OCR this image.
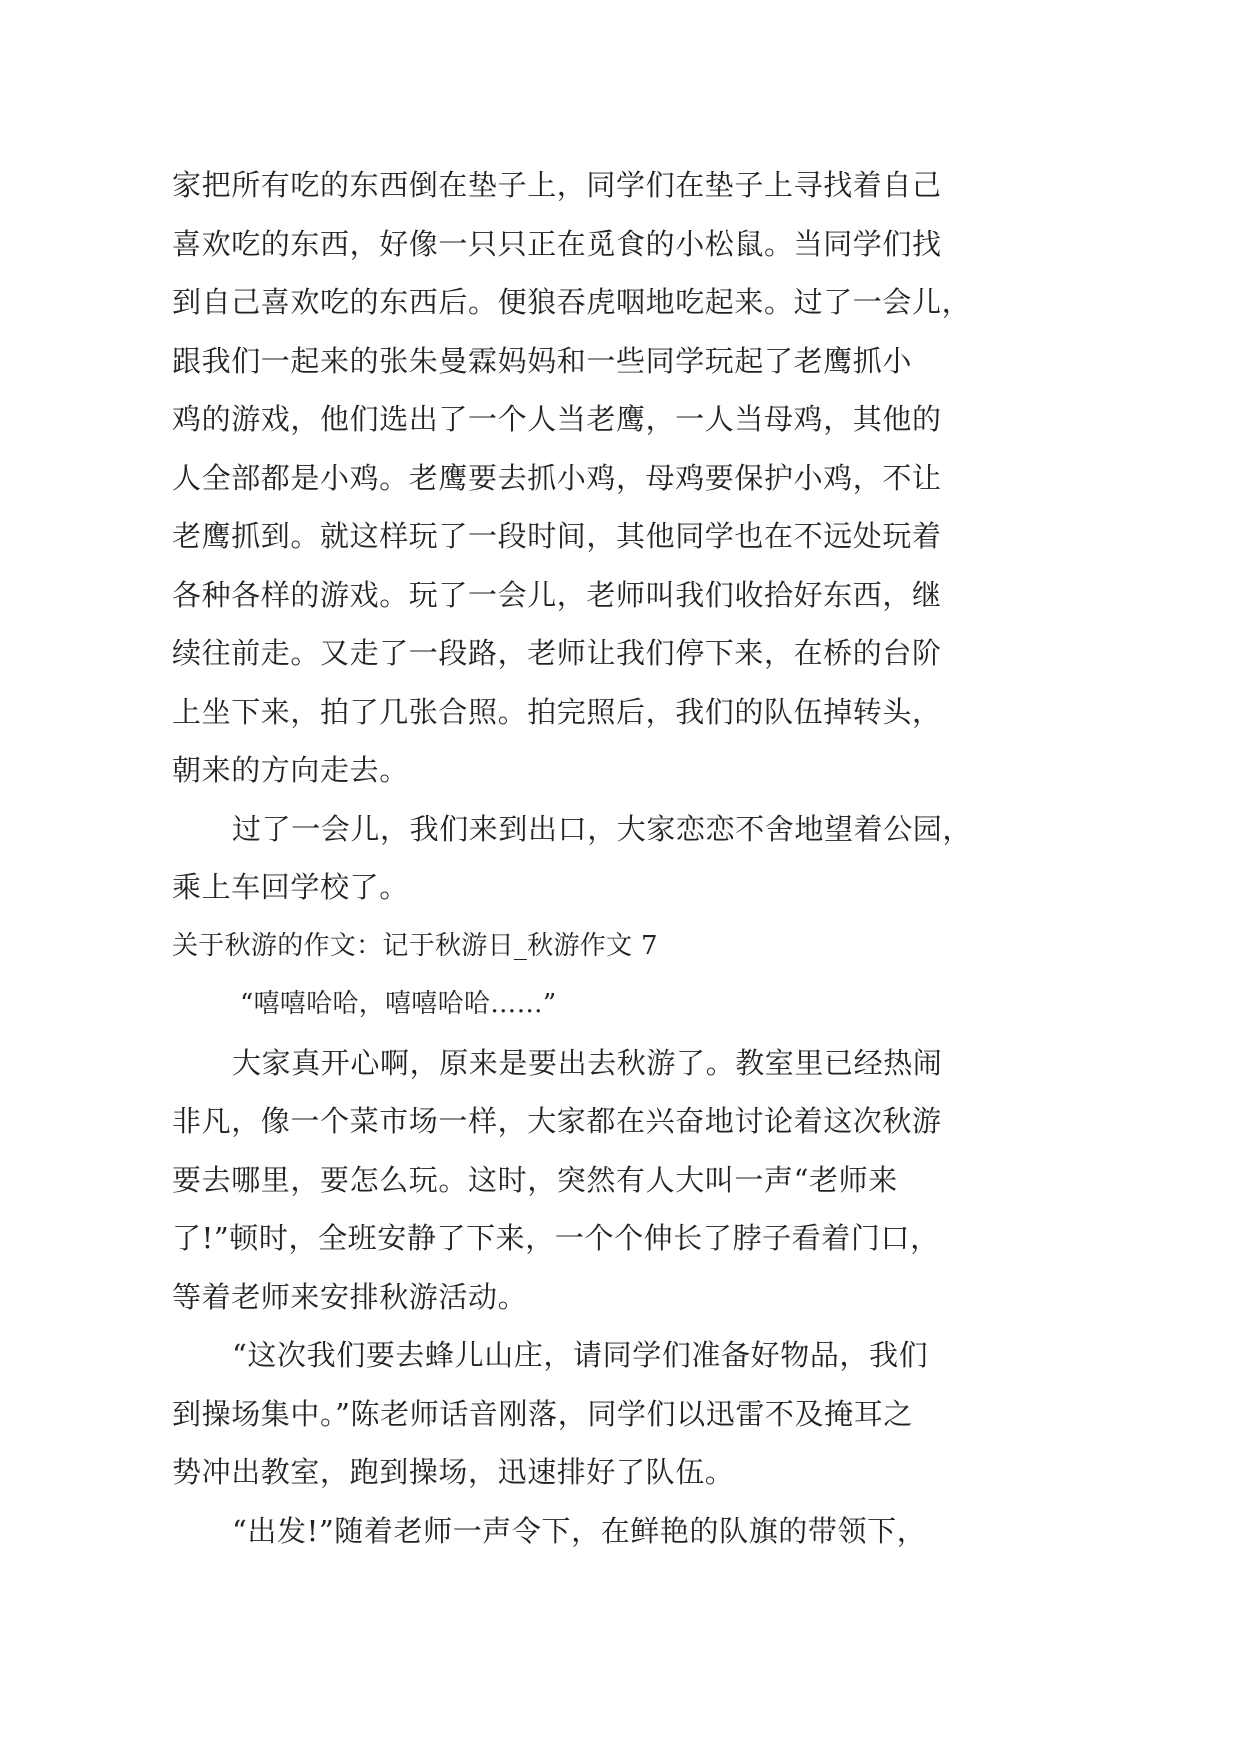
家把所有吃的东西倒在垫子上，同学们在垫子上寻找着自己
喜欢吃的东西，好像一只只正在觅食的小松鼠。当同学们找
到自己喜欢吃的东西后。便狼吞虎咽地吃起来。过了一会儿，
跟我们一起来的张朱曼霖妈妈和一些同学玩起了老鹰抓小
鸡的游戏，他们选出了一个人当老鹰，一人当母鸡，其他的
人全部都是小鸡。老鹰要去抓小鸡，母鸡要保护小鸡，不让
老鹰抓到。就这样玩了一段时间，其他同学也在不远处玩着
各种各样的游戏。玩了一会儿，老师叫我们收拾好东西，继
续往前走。又走了一段路，老师让我们停下来，在桥的台阶
上坐下来，拍了几张合照。拍完照后，我们的队伍掉转头，
朝来的方向走去。
过了一会儿，我们来到出口，大家恋恋不舍地望着公园，
乘上车回学校了。
关于秋游的作文：记于秋游日_秋游作文 7
“嘻嘻哈哈，嘻嘻哈哈……”
大家真开心啊，原来是要出去秋游了。教室里已经热闹
非凡，像一个菜市场一样，大家都在兴奋地讨论着这次秋游
要去哪里，要怎么玩。这时，突然有人大叫一声“老师来
了!”顿时，全班安静了下来，一个个伸长了脖子看着门口，
等着老师来安排秋游活动。
“这次我们要去蜂儿山庄，请同学们准备好物品，我们
到操场集中。”陈老师话音刚落，同学们以迅雷不及掩耳之
势冲出教室，跑到操场，迅速排好了队伍。
“出发!”随着老师一声令下，在鲜艳的队旗的带领下，
